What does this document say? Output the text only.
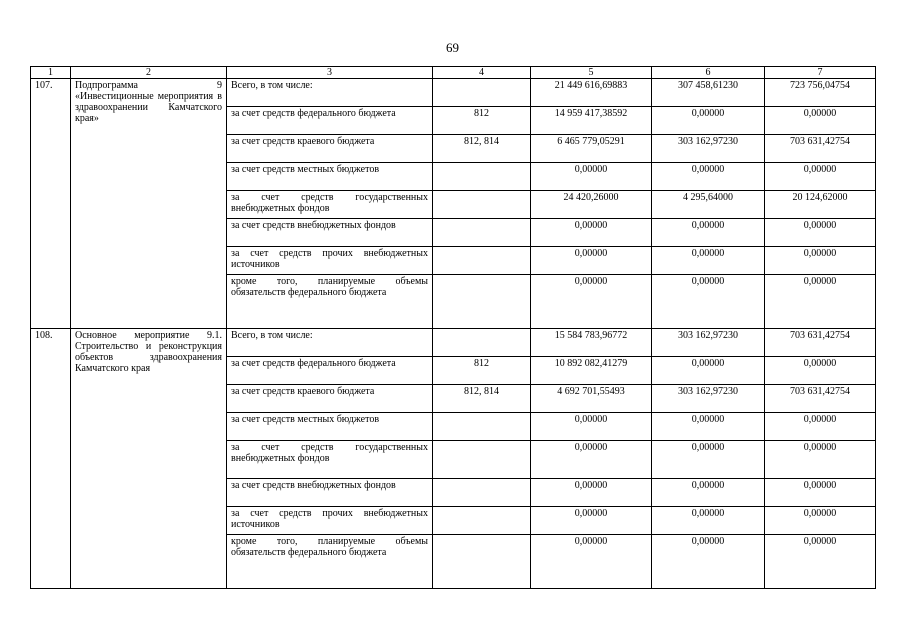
69
1	2	3	4	5	6	7
107.	Подпрограмма 9 «Инвестиционные мероприятия в здравоохранении Камчатского края»	Всего, в том числе:		21 449 616,69883	307 458,61230	723 756,04754
		за счет средств федерального бюджета	812	14 959 417,38592	0,00000	0,00000
		за счет средств краевого бюджета	812, 814	6 465 779,05291	303 162,97230	703 631,42754
		за счет средств местных бюджетов		0,00000	0,00000	0,00000
		за счет средств государственных внебюджетных фондов		24 420,26000	4 295,64000	20 124,62000
		за счет средств внебюджетных фондов		0,00000	0,00000	0,00000
		за счет средств прочих внебюджетных источников		0,00000	0,00000	0,00000
		кроме того, планируемые объемы обязательств федерального бюджета		0,00000	0,00000	0,00000
108.	Основное мероприятие 9.1. Строительство и реконструкция объектов здравоохранения Камчатского края	Всего, в том числе:		15 584 783,96772	303 162,97230	703 631,42754
		за счет средств федерального бюджета	812	10 892 082,41279	0,00000	0,00000
		за счет средств краевого бюджета	812, 814	4 692 701,55493	303 162,97230	703 631,42754
		за счет средств местных бюджетов		0,00000	0,00000	0,00000
		за счет средств государственных внебюджетных фондов		0,00000	0,00000	0,00000
		за счет средств внебюджетных фондов		0,00000	0,00000	0,00000
		за счет средств прочих внебюджетных источников		0,00000	0,00000	0,00000
		кроме того, планируемые объемы обязательств федерального бюджета		0,00000	0,00000	0,00000
